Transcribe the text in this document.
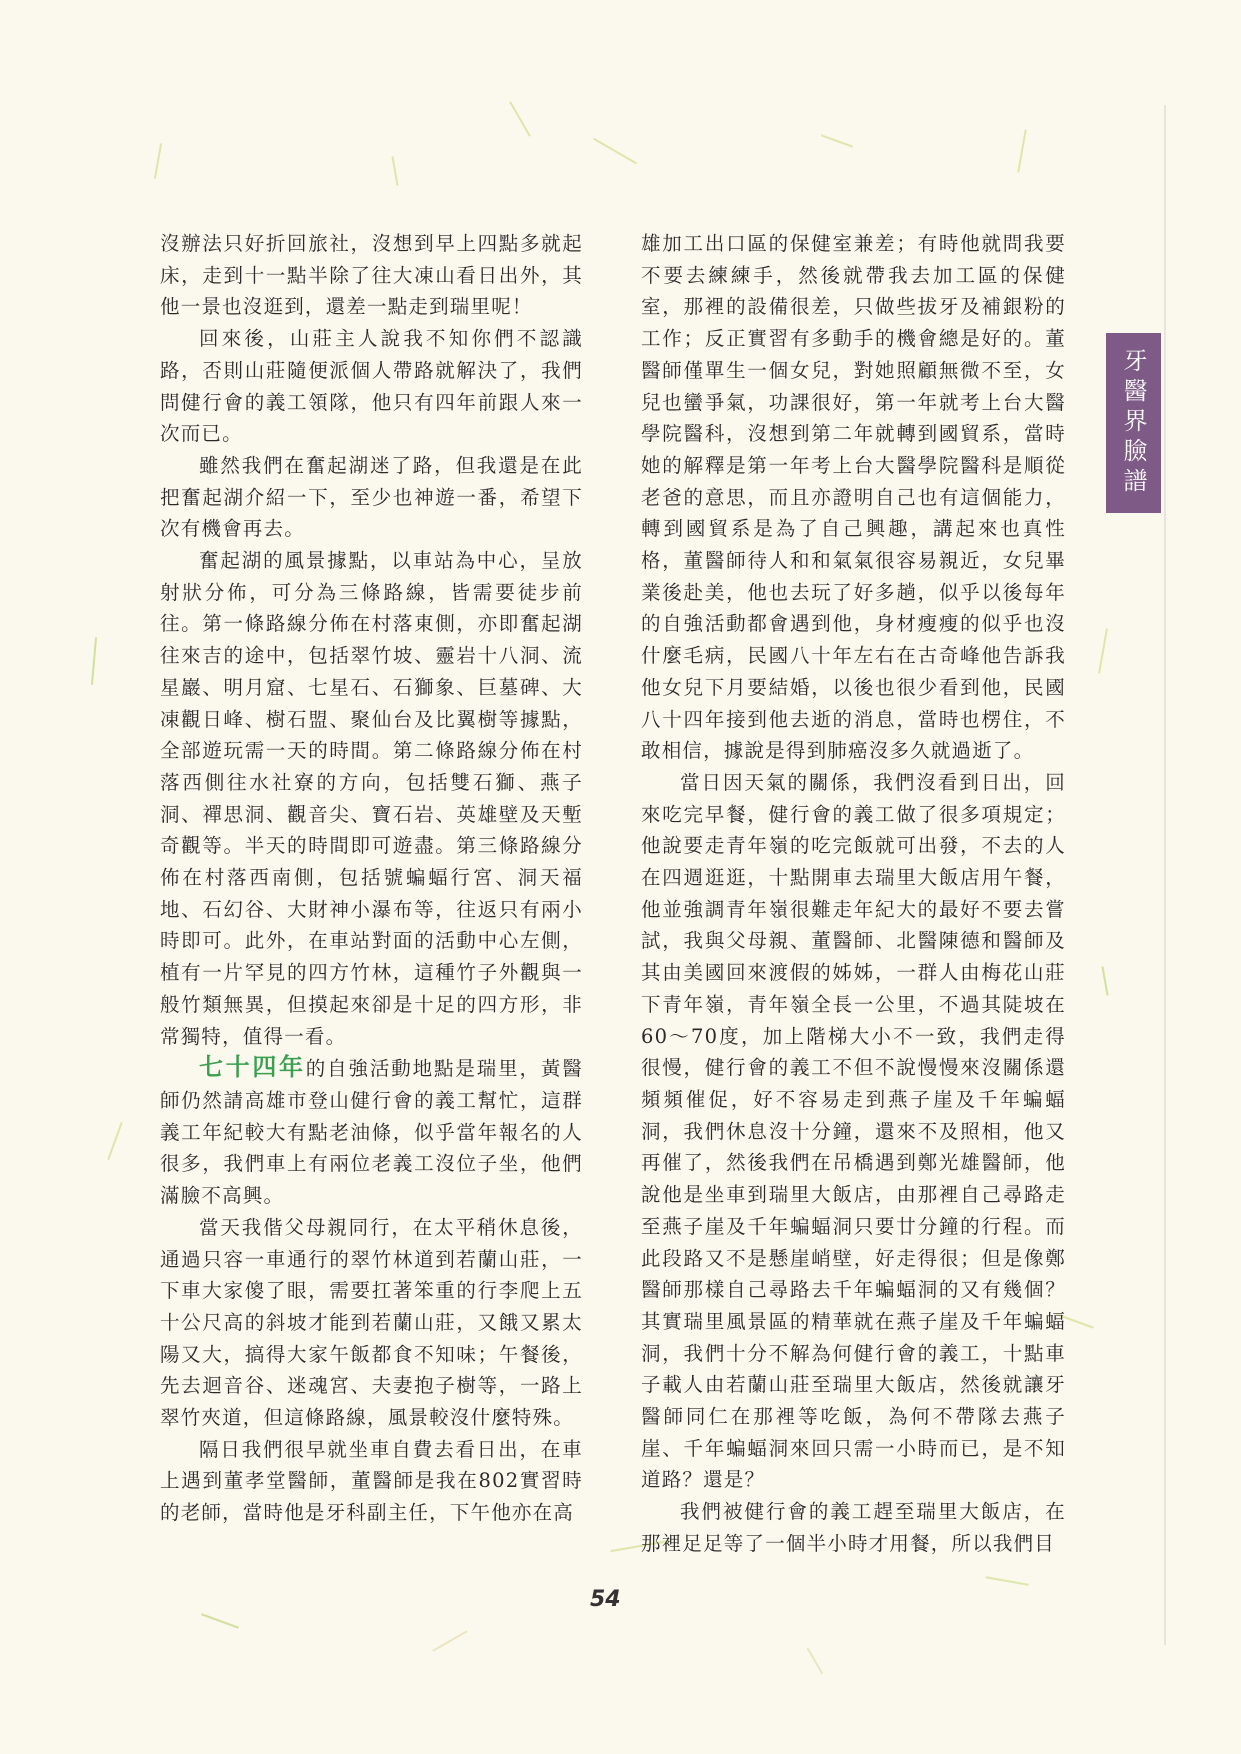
牙醫界臉譜

沒辦法只好折回旅社，沒想到早上四點多就起床，走到十一點半除了往大凍山看日出外，其他一景也沒逛到，還差一點走到瑞里呢！

回來後，山莊主人說我不知你們不認識路，否則山莊隨便派個人帶路就解決了，我們問健行會的義工領隊，他只有四年前跟人來一次而已。

雖然我們在奮起湖迷了路，但我還是在此把奮起湖介紹一下，至少也神遊一番，希望下次有機會再去。

奮起湖的風景據點，以車站為中心，呈放射狀分佈，可分為三條路線，皆需要徒步前往。第一條路線分佈在村落東側，亦即奮起湖往來吉的途中，包括翠竹坡、靈岩十八洞、流星巖、明月窟、七星石、石獅象、巨墓碑、大凍觀日峰、樹石盟、聚仙台及比翼樹等據點，全部遊玩需一天的時間。第二條路線分佈在村落西側往水社寮的方向，包括雙石獅、燕子洞、禪思洞、觀音尖、寶石岩、英雄壁及天塹奇觀等。半天的時間即可遊盡。第三條路線分佈在村落西南側，包括號蝙蝠行宮、洞天福地、石幻谷、大財神小瀑布等，往返只有兩小時即可。此外，在車站對面的活動中心左側，植有一片罕見的四方竹林，這種竹子外觀與一般竹類無異，但摸起來卻是十足的四方形，非常獨特，值得一看。

七十四年的自強活動地點是瑞里，黃醫師仍然請高雄市登山健行會的義工幫忙，這群義工年紀較大有點老油條，似乎當年報名的人很多，我們車上有兩位老義工沒位子坐，他們滿臉不高興。

當天我偕父母親同行，在太平稍休息後，通過只容一車通行的翠竹林道到若蘭山莊，一下車大家傻了眼，需要扛著笨重的行李爬上五十公尺高的斜坡才能到若蘭山莊，又餓又累太陽又大，搞得大家午飯都食不知味；午餐後，先去迴音谷、迷魂宮、夫妻抱子樹等，一路上翠竹夾道，但這條路線，風景較沒什麼特殊。

隔日我們很早就坐車自費去看日出，在車上遇到董孝堂醫師，董醫師是我在802實習時的老師，當時他是牙科副主任，下午他亦在高

雄加工出口區的保健室兼差；有時他就問我要不要去練練手，然後就帶我去加工區的保健室，那裡的設備很差，只做些拔牙及補銀粉的工作；反正實習有多動手的機會總是好的。董醫師僅單生一個女兒，對她照顧無微不至，女兒也蠻爭氣，功課很好，第一年就考上台大醫學院醫科，沒想到第二年就轉到國貿系，當時她的解釋是第一年考上台大醫學院醫科是順從老爸的意思，而且亦證明自己也有這個能力，轉到國貿系是為了自己興趣，講起來也真性格，董醫師待人和和氣氣很容易親近，女兒畢業後赴美，他也去玩了好多趟，似乎以後每年的自強活動都會遇到他，身材瘦瘦的似乎也沒什麼毛病，民國八十年左右在古奇峰他告訴我他女兒下月要結婚，以後也很少看到他，民國八十四年接到他去逝的消息，當時也楞住，不敢相信，據說是得到肺癌沒多久就過逝了。

當日因天氣的關係，我們沒看到日出，回來吃完早餐，健行會的義工做了很多項規定；他說要走青年嶺的吃完飯就可出發，不去的人在四週逛逛，十點開車去瑞里大飯店用午餐，他並強調青年嶺很難走年紀大的最好不要去嘗試，我與父母親、董醫師、北醫陳德和醫師及其由美國回來渡假的姊姊，一群人由梅花山莊下青年嶺，青年嶺全長一公里，不過其陡坡在60～70度，加上階梯大小不一致，我們走得很慢，健行會的義工不但不說慢慢來沒關係還頻頻催促，好不容易走到燕子崖及千年蝙蝠洞，我們休息沒十分鐘，還來不及照相，他又再催了，然後我們在吊橋遇到鄭光雄醫師，他說他是坐車到瑞里大飯店，由那裡自己尋路走至燕子崖及千年蝙蝠洞只要廿分鐘的行程。而此段路又不是懸崖峭壁，好走得很；但是像鄭醫師那樣自己尋路去千年蝙蝠洞的又有幾個？其實瑞里風景區的精華就在燕子崖及千年蝙蝠洞，我們十分不解為何健行會的義工，十點車子載人由若蘭山莊至瑞里大飯店，然後就讓牙醫師同仁在那裡等吃飯，為何不帶隊去燕子崖、千年蝙蝠洞來回只需一小時而已，是不知道路？還是？

我們被健行會的義工趕至瑞里大飯店，在那裡足足等了一個半小時才用餐，所以我們目

54
